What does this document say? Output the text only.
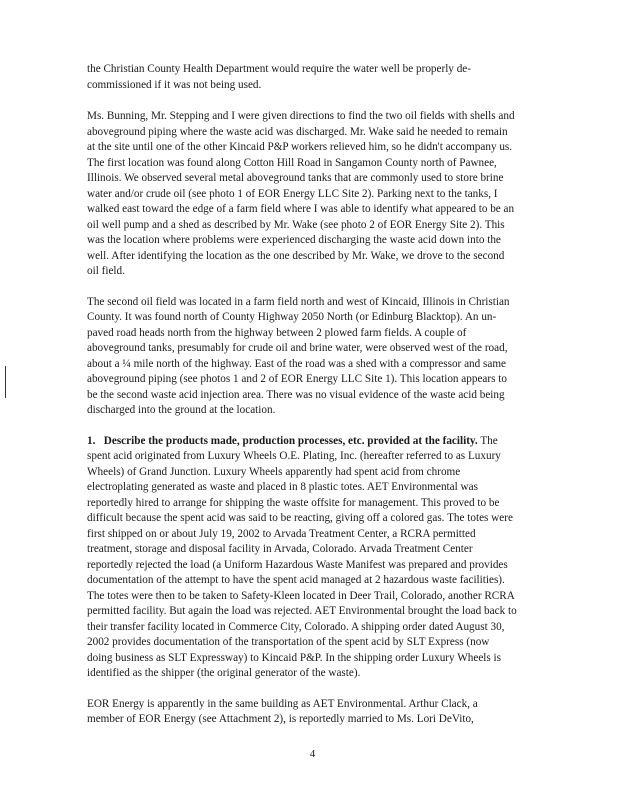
the Christian County Health Department would require the water well be properly de-commissioned if it was not being used.

Ms. Bunning, Mr. Stepping and I were given directions to find the two oil fields with shells and aboveground piping where the waste acid was discharged. Mr. Wake said he needed to remain at the site until one of the other Kincaid P&P workers relieved him, so he didn't accompany us. The first location was found along Cotton Hill Road in Sangamon County north of Pawnee, Illinois. We observed several metal aboveground tanks that are commonly used to store brine water and/or crude oil (see photo 1 of EOR Energy LLC Site 2). Parking next to the tanks, I walked east toward the edge of a farm field where I was able to identify what appeared to be an oil well pump and a shed as described by Mr. Wake (see photo 2 of EOR Energy Site 2). This was the location where problems were experienced discharging the waste acid down into the well. After identifying the location as the one described by Mr. Wake, we drove to the second oil field.

The second oil field was located in a farm field north and west of Kincaid, Illinois in Christian County. It was found north of County Highway 2050 North (or Edinburg Blacktop). An un-paved road heads north from the highway between 2 plowed farm fields. A couple of aboveground tanks, presumably for crude oil and brine water, were observed west of the road, about a ¼ mile north of the highway. East of the road was a shed with a compressor and same aboveground piping (see photos 1 and 2 of EOR Energy LLC Site 1). This location appears to be the second waste acid injection area. There was no visual evidence of the waste acid being discharged into the ground at the location.

1. Describe the products made, production processes, etc. provided at the facility. The spent acid originated from Luxury Wheels O.E. Plating, Inc. (hereafter referred to as Luxury Wheels) of Grand Junction. Luxury Wheels apparently had spent acid from chrome electroplating generated as waste and placed in 8 plastic totes. AET Environmental was reportedly hired to arrange for shipping the waste offsite for management. This proved to be difficult because the spent acid was said to be reacting, giving off a colored gas. The totes were first shipped on or about July 19, 2002 to Arvada Treatment Center, a RCRA permitted treatment, storage and disposal facility in Arvada, Colorado. Arvada Treatment Center reportedly rejected the load (a Uniform Hazardous Waste Manifest was prepared and provides documentation of the attempt to have the spent acid managed at 2 hazardous waste facilities). The totes were then to be taken to Safety-Kleen located in Deer Trail, Colorado, another RCRA permitted facility. But again the load was rejected. AET Environmental brought the load back to their transfer facility located in Commerce City, Colorado. A shipping order dated August 30, 2002 provides documentation of the transportation of the spent acid by SLT Express (now doing business as SLT Expressway) to Kincaid P&P. In the shipping order Luxury Wheels is identified as the shipper (the original generator of the waste).

EOR Energy is apparently in the same building as AET Environmental. Arthur Clack, a member of EOR Energy (see Attachment 2), is reportedly married to Ms. Lori DeVito,

4
